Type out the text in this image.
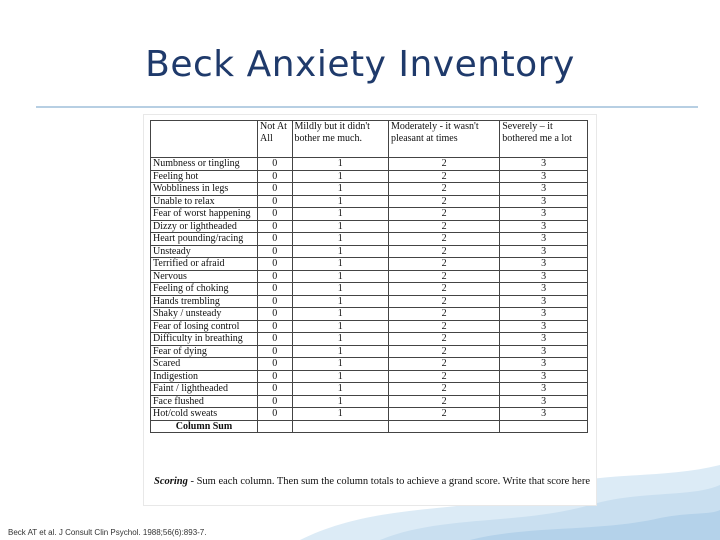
Beck Anxiety Inventory
	Not At All	Mildly but it didn't bother me much.	Moderately - it wasn't pleasant at times	Severely – it bothered me a lot
Numbness or tingling	0	1	2	3
Feeling hot	0	1	2	3
Wobbliness in legs	0	1	2	3
Unable to relax	0	1	2	3
Fear of worst happening	0	1	2	3
Dizzy or lightheaded	0	1	2	3
Heart pounding/racing	0	1	2	3
Unsteady	0	1	2	3
Terrified or afraid	0	1	2	3
Nervous	0	1	2	3
Feeling of choking	0	1	2	3
Hands trembling	0	1	2	3
Shaky / unsteady	0	1	2	3
Fear of losing control	0	1	2	3
Difficulty in breathing	0	1	2	3
Fear of dying	0	1	2	3
Scared	0	1	2	3
Indigestion	0	1	2	3
Faint / lightheaded	0	1	2	3
Face flushed	0	1	2	3
Hot/cold sweats	0	1	2	3
Column Sum				
Scoring - Sum each column. Then sum the column totals to achieve a grand score. Write that score here
Beck AT et al. J Consult Clin Psychol. 1988;56(6):893-7.
